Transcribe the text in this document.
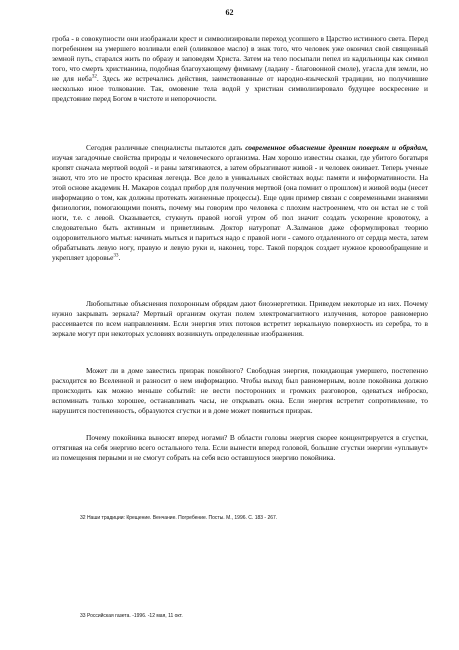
62

гроба - в совокупности они изображали крест и символизировали переход усопшего в Царство истинного света. Перед погребением на умершего возливали елей (оливковое масло) в знак того, что человек уже окончил свой священный земной путь, старался жить по образу и заповедям Христа. Затем на тело посыпали пепел из кадильницы как символ того, что смерть христианина, подобная благоухающему фимиаму (ладану - благовонной смоле), угасла для земли, но не для неба$^{32}$. Здесь же встречались действия, заимствованные от народно-языческой традиции, но получившие несколько иное толкование. Так, омовение тела водой у христиан символизировало будущее воскресение и предстояние перед Богом в чистоте и непорочности.

Сегодня различные специалисты пытаются дать современное объяснение древним поверьям и обрядам, изучая загадочные свойства природы и человеческого организма. Нам хорошо известны сказки, где убитого богатыря кропят сначала мертвой водой - и раны затягиваются, а затем обрызгивают живой - и человек оживает. Теперь ученые знают, что это не просто красивая легенда. Все дело в уникальных свойствах воды: памяти и информативности. На этой основе академик Н. Макаров создал прибор для получения мертвой (она помнит о прошлом) и живой воды (несет информацию о том, как должны протекать жизненные процессы). Еще один пример связан с современными знаниями физиологии, помогающими понять, почему мы говорим про человека с плохим настроением, что он встал не с той ноги, т.е. с левой. Оказывается, стукнуть правой ногой утром об пол значит создать ускорение кровотоку, а следовательно быть активным и приветливым. Доктор натуропат А.Залманов даже сформулировал теорию оздоровительного мытья: начинать мыться и париться надо с правой ноги - самого отдаленного от сердца места, затем обрабатывать левую ногу, правую и левую руки и, наконец, торс. Такой порядок создает нужное кровообращение и укрепляет здоровье$^{33}$.

Любопытные объяснения похоронным обрядам дают биоэнергетики. Приведем некоторые из них. Почему нужно закрывать зеркала? Мертвый организм окутан полем электромагнитного излучения, которое равномерно рассеивается по всем направлениям. Если энергия этих потоков встретит зеркальную поверхность из серебра, то в зеркале могут при некоторых условиях возникнуть определенные изображения.

Может ли в доме завестись призрак покойного? Свободная энергия, покидающая умершего, постепенно расходится во Вселенной и разносит о нем информацию. Чтобы выход был равномерным, возле покойника должно происходить как можно меньше событий: не вести посторонних и громких разговоров, одеваться неброско, вспоминать только хорошее, останавливать часы, не открывать окна. Если энергия встретит сопротивление, то нарушится постепенность, образуются сгустки и в доме может появиться призрак.

Почему покойника выносят вперед ногами? В области головы энергия скорее концентрируется в сгустки, оттягивая на себя энергию всего остального тела. Если вынести вперед головой, большие сгустки энергии «уплывут» из помещения первыми и не смогут собрать на себя всю оставшуюся энергию покойника.

32 Наши традиции: Крещение. Венчание. Погребение. Посты. М., 1996. С. 183 - 267.

33 Российская газета. -1996. -12 мая, 11 окт.
